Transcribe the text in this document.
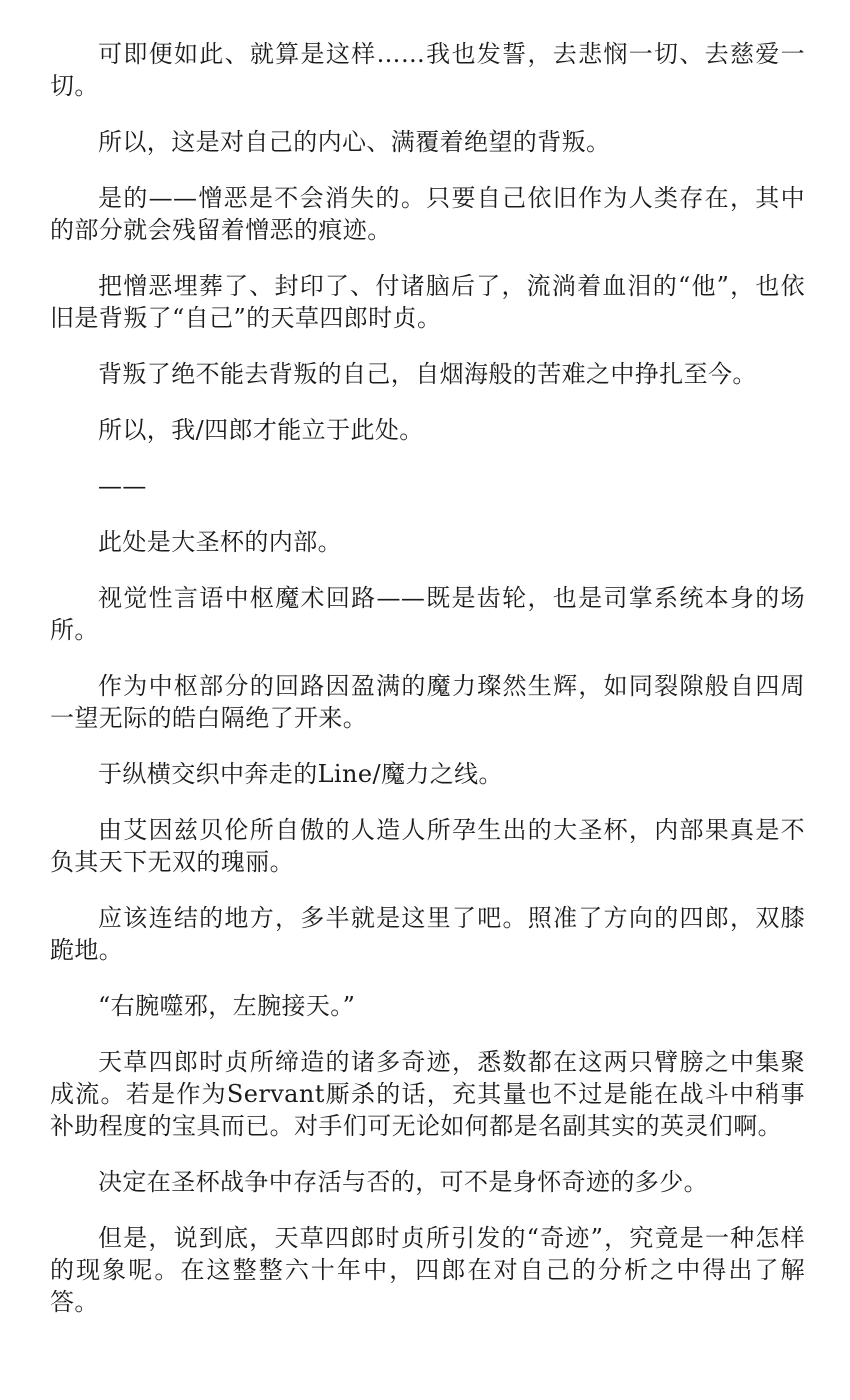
可即便如此、就算是这样……我也发誓，去悲悯一切、去慈爱一切。

所以，这是对自己的内心、满覆着绝望的背叛。

是的——憎恶是不会消失的。只要自己依旧作为人类存在，其中的部分就会残留着憎恶的痕迹。

把憎恶埋葬了、封印了、付诸脑后了，流淌着血泪的“他”，也依旧是背叛了“自己”的天草四郎时贞。

背叛了绝不能去背叛的自己，自烟海般的苦难之中挣扎至今。

所以，我/四郎才能立于此处。

——

此处是大圣杯的内部。

视觉性言语中枢魔术回路——既是齿轮，也是司掌系统本身的场所。

作为中枢部分的回路因盈满的魔力璨然生辉，如同裂隙般自四周一望无际的皓白隔绝了开来。

于纵横交织中奔走的Line/魔力之线。

由艾因兹贝伦所自傲的人造人所孕生出的大圣杯，内部果真是不负其天下无双的瑰丽。

应该连结的地方，多半就是这里了吧。照准了方向的四郎，双膝跪地。

“右腕噬邪，左腕接天。”

天草四郎时贞所缔造的诸多奇迹，悉数都在这两只臂膀之中集聚成流。若是作为Servant厮杀的话，充其量也不过是能在战斗中稍事补助程度的宝具而已。对手们可无论如何都是名副其实的英灵们啊。

决定在圣杯战争中存活与否的，可不是身怀奇迹的多少。

但是，说到底，天草四郎时贞所引发的“奇迹”，究竟是一种怎样的现象呢。在这整整六十年中，四郎在对自己的分析之中得出了解答。
